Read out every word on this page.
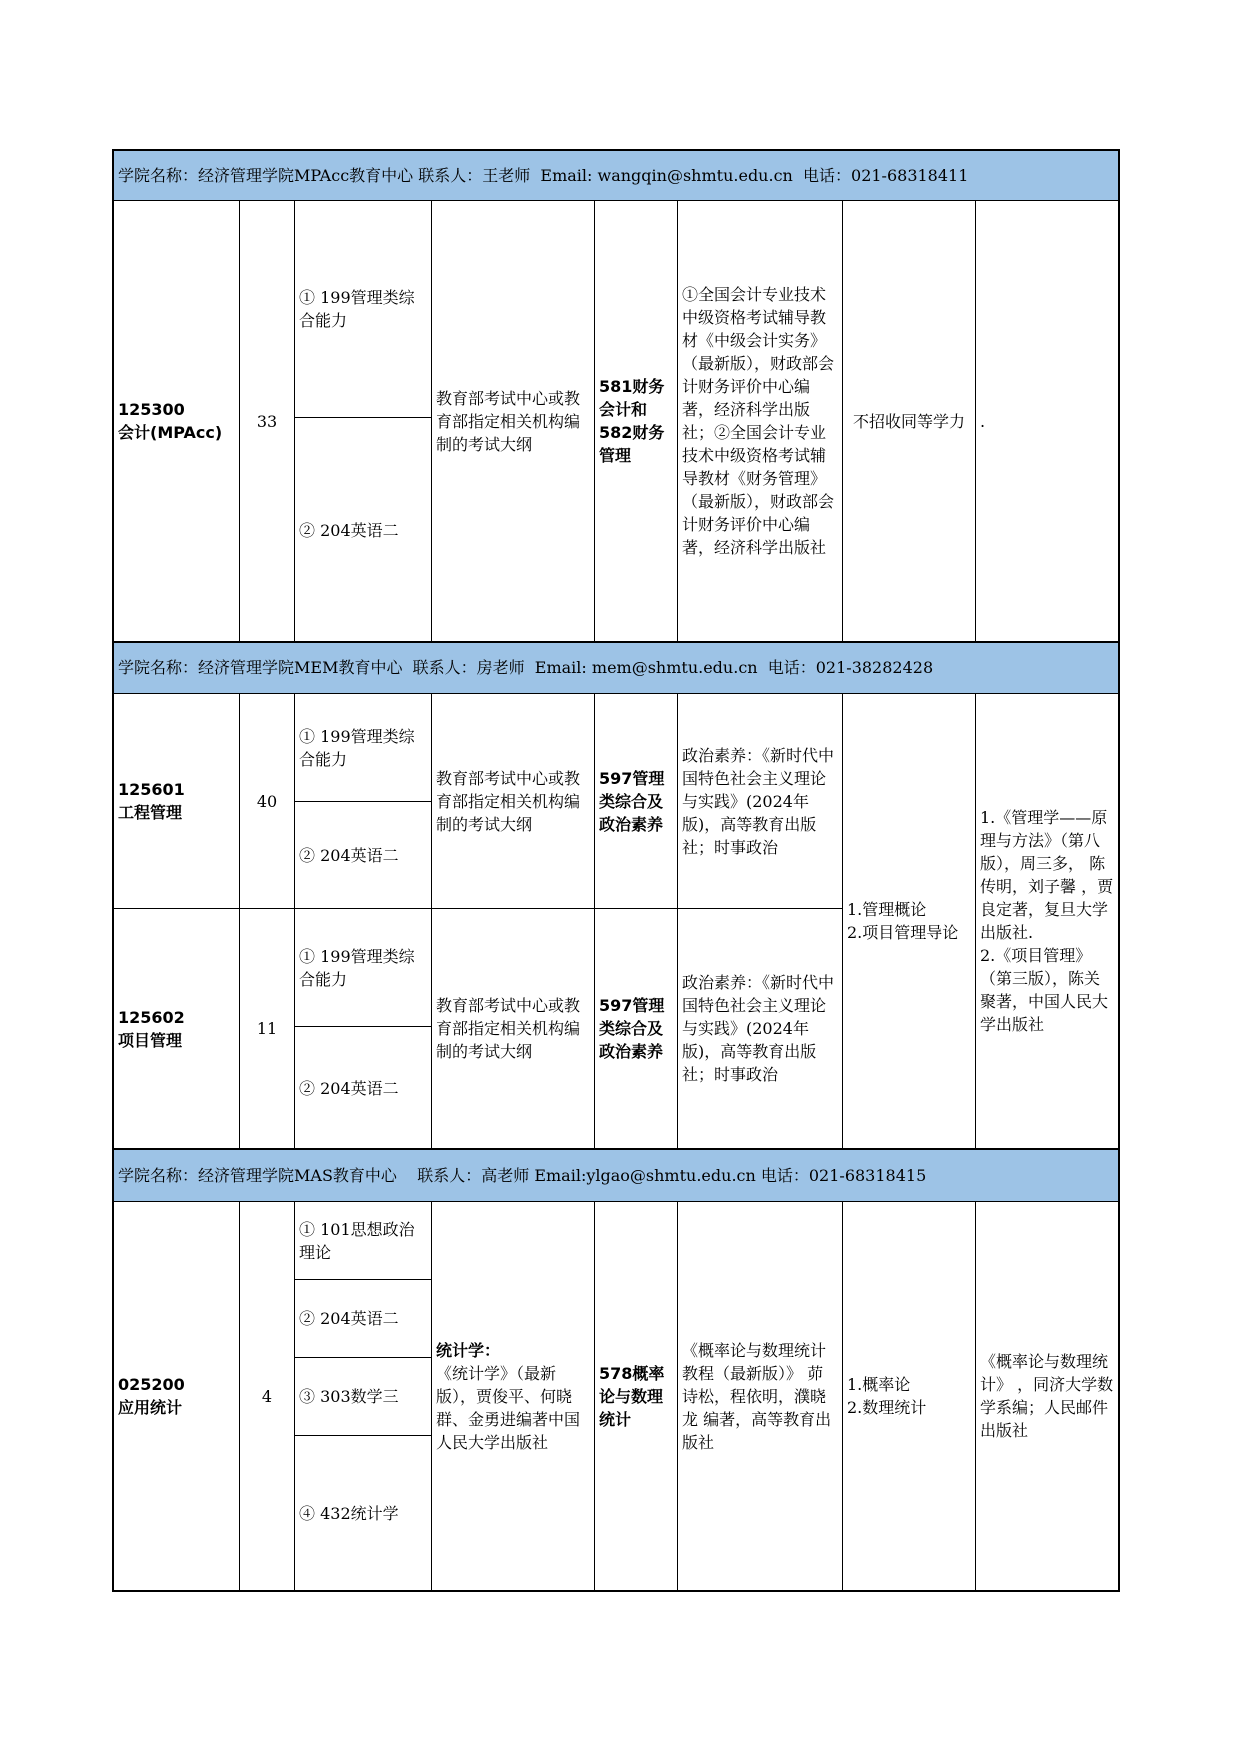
学院名称：经济管理学院MPAcc教育中心 联系人：王老师  Email: wangqin@shmtu.edu.cn  电话：021-68318411
125300
会计(MPAcc)
33
① 199管理类综合能力
② 204英语二
教育部考试中心或教育部指定相关机构编制的考试大纲
581财务会计和582财务管理
①全国会计专业技术中级资格考试辅导教材《中级会计实务》（最新版），财政部会计财务评价中心编著，经济科学出版社；②全国会计专业技术中级资格考试辅导教材《财务管理》（最新版），财政部会计财务评价中心编著，经济科学出版社
不招收同等学力 .
学院名称：经济管理学院MEM教育中心  联系人：房老师  Email: mem@shmtu.edu.cn  电话：021-38282428
125601
工程管理
40
① 199管理类综合能力
② 204英语二
教育部考试中心或教育部指定相关机构编制的考试大纲
597管理类综合及政治素养
政治素养：《新时代中国特色社会主义理论与实践》(2024年版)，高等教育出版社；时事政治
125602
项目管理
11
① 199管理类综合能力
② 204英语二
教育部考试中心或教育部指定相关机构编制的考试大纲
597管理类综合及政治素养
政治素养：《新时代中国特色社会主义理论与实践》(2024年版)，高等教育出版社；时事政治
1.管理概论
2.项目管理导论
1.《管理学——原理与方法》（第八版），周三多， 陈传明，刘子馨 ，贾良定著，复旦大学出版社.
2.《项目管理》（第三版），陈关聚著，中国人民大学出版社
学院名称：经济管理学院MAS教育中心    联系人：高老师 Email:ylgao@shmtu.edu.cn 电话：021-68318415
025200
应用统计
4
① 101思想政治理论
② 204英语二
③ 303数学三
④ 432统计学
统计学：
《统计学》（最新版），贾俊平、何晓群、金勇进编著中国人民大学出版社
578概率论与数理统计
《概率论与数理统计教程（最新版）》 茆诗松，程依明，濮晓龙 编著，高等教育出版社
1.概率论
2.数理统计
《概率论与数理统计》 ，同济大学数学系编；人民邮件出版社
